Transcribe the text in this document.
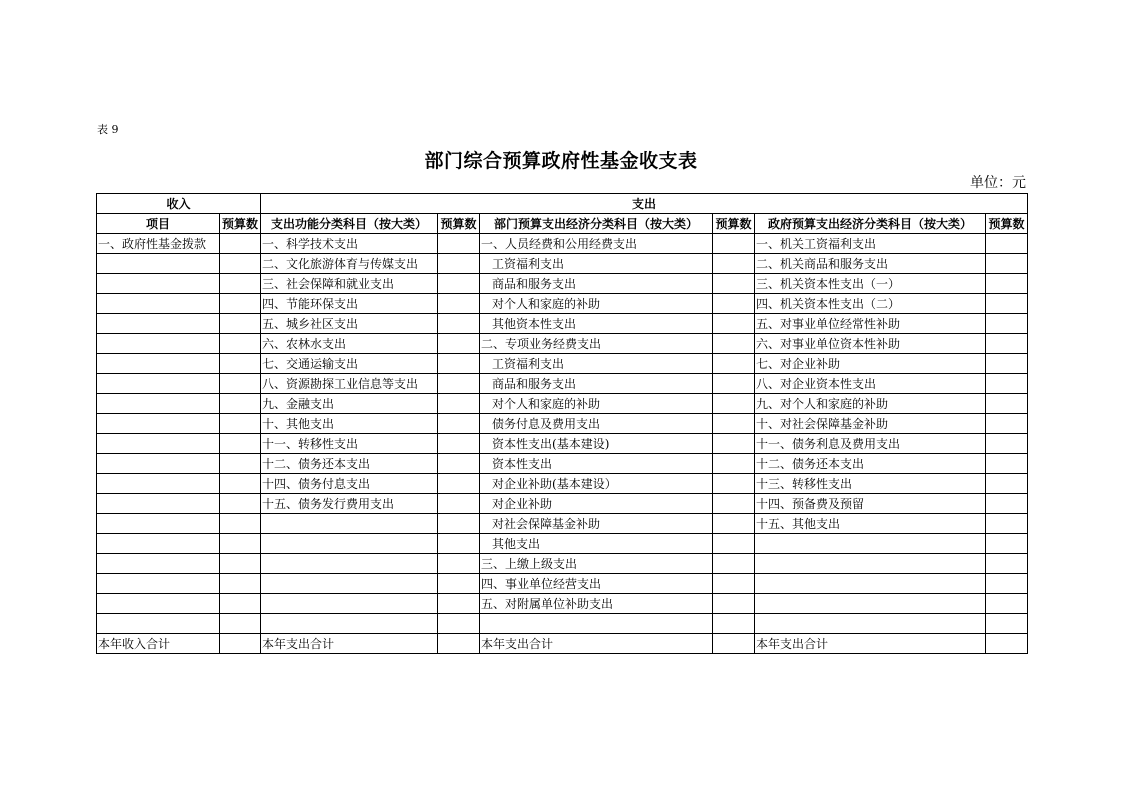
表 9
部门综合预算政府性基金收支表
单位：元
收入		支出					
项目	预算数	支出功能分类科目（按大类）	预算数	部门预算支出经济分类科目（按大类）	预算数	政府预算支出经济分类科目（按大类）	预算数
一、政府性基金拨款		一、科学技术支出		一、人员经费和公用经费支出		一、机关工资福利支出	
		二、文化旅游体育与传媒支出		工资福利支出		二、机关商品和服务支出	
		三、社会保障和就业支出		商品和服务支出		三、机关资本性支出（一）	
		四、节能环保支出		对个人和家庭的补助		四、机关资本性支出（二）	
		五、城乡社区支出		其他资本性支出		五、对事业单位经常性补助	
		六、农林水支出		二、专项业务经费支出		六、对事业单位资本性补助	
		七、交通运输支出		工资福利支出		七、对企业补助	
		八、资源勘探工业信息等支出		商品和服务支出		八、对企业资本性支出	
		九、金融支出		对个人和家庭的补助		九、对个人和家庭的补助	
		十、其他支出		债务付息及费用支出		十、对社会保障基金补助	
		十一、转移性支出		资本性支出(基本建设)		十一、债务利息及费用支出	
		十二、债务还本支出		资本性支出		十二、债务还本支出	
		十四、债务付息支出		对企业补助(基本建设）		十三、转移性支出	
		十五、债务发行费用支出		对企业补助		十四、预备费及预留	
				对社会保障基金补助		十五、其他支出	
				其他支出			
				三、上缴上级支出			
				四、事业单位经营支出			
				五、对附属单位补助支出			

本年收入合计		本年支出合计		本年支出合计		本年支出合计	
